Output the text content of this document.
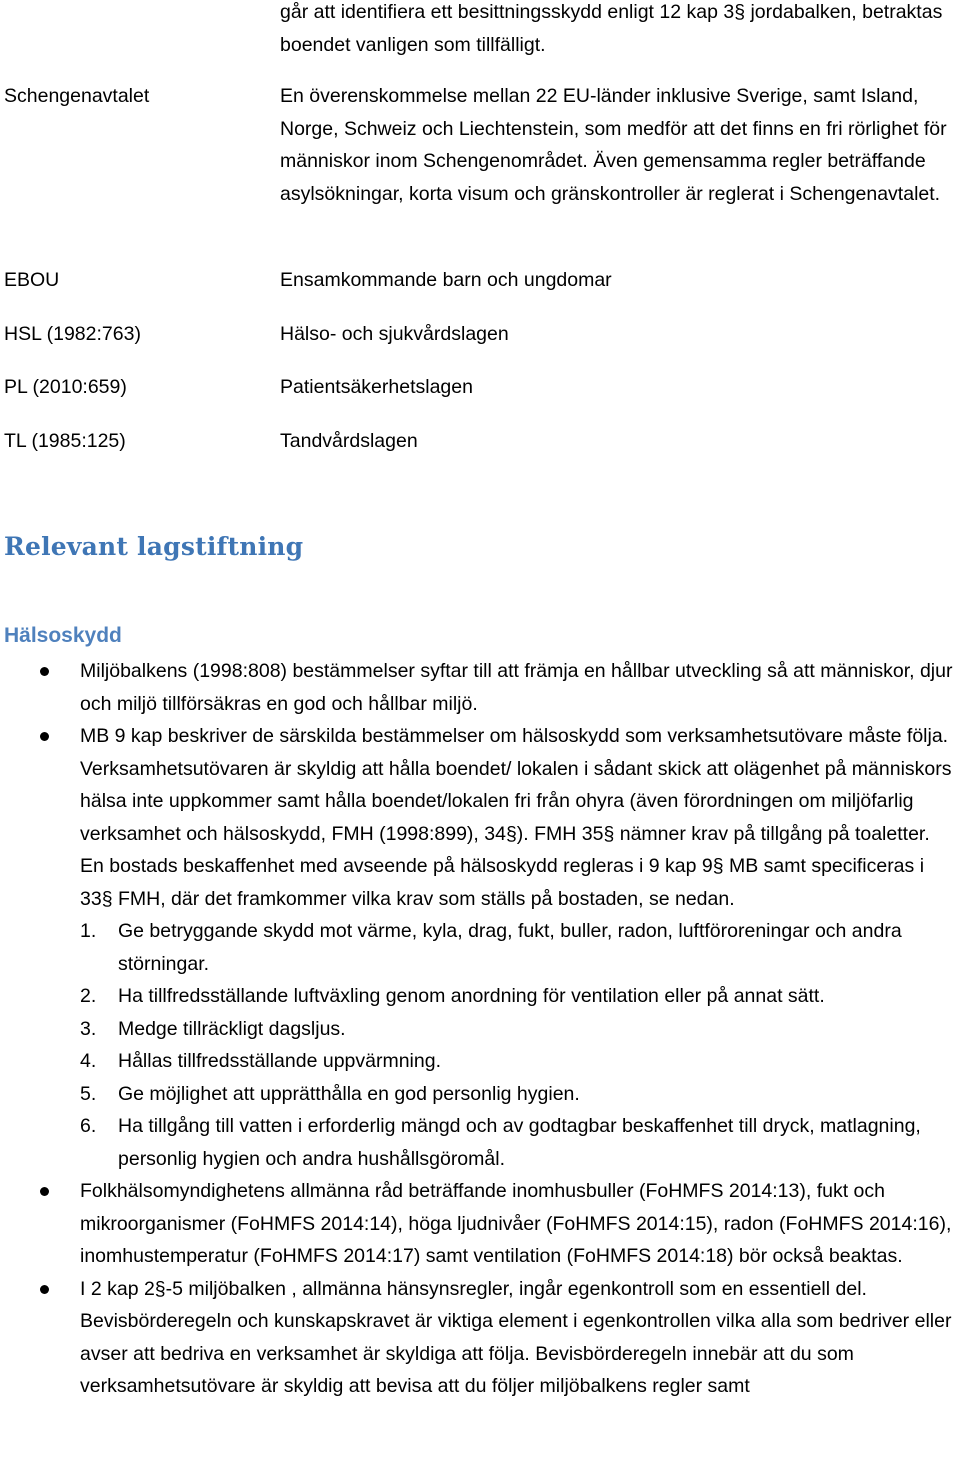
går att identifiera ett besittningsskydd enligt 12 kap 3§ jordabalken, betraktas boendet vanligen som tillfälligt.
Schengenavtalet	En överenskommelse mellan 22 EU-länder inklusive Sverige, samt Island, Norge, Schweiz och Liechtenstein, som medför att det finns en fri rörlighet för människor inom Schengenområdet. Även gemensamma regler beträffande asylsökningar, korta visum och gränskontroller är reglerat i Schengenavtalet.
EBOU	Ensamkommande barn och ungdomar
HSL (1982:763)	Hälso- och sjukvårdslagen
PL (2010:659)	Patientsäkerhetslagen
TL (1985:125)	Tandvårdslagen
Relevant lagstiftning
Hälsoskydd
Miljöbalkens (1998:808) bestämmelser syftar till att främja en hållbar utveckling så att människor, djur och miljö tillförsäkras en god och hållbar miljö.
MB 9 kap beskriver de särskilda bestämmelser om hälsoskydd som verksamhetsutövare måste följa. Verksamhetsutövaren är skyldig att hålla boendet/ lokalen i sådant skick att olägenhet på människors hälsa inte uppkommer samt hålla boendet/lokalen fri från ohyra (även förordningen om miljöfarlig verksamhet och hälsoskydd, FMH (1998:899), 34§). FMH 35§ nämner krav på tillgång på toaletter. En bostads beskaffenhet med avseende på hälsoskydd regleras i 9 kap 9§ MB samt specificeras i 33§ FMH, där det framkommer vilka krav som ställs på bostaden, se nedan.
1. Ge betryggande skydd mot värme, kyla, drag, fukt, buller, radon, luftföroreningar och andra störningar.
2. Ha tillfredsställande luftväxling genom anordning för ventilation eller på annat sätt.
3. Medge tillräckligt dagsljus.
4. Hållas tillfredsställande uppvärmning.
5. Ge möjlighet att upprätthålla en god personlig hygien.
6. Ha tillgång till vatten i erforderlig mängd och av godtagbar beskaffenhet till dryck, matlagning, personlig hygien och andra hushållsgöromål.
Folkhälsomyndighetens allmänna råd beträffande inomhusbuller (FoHMFS 2014:13), fukt och mikroorganismer (FoHMFS 2014:14), höga ljudnivåer (FoHMFS 2014:15), radon (FoHMFS 2014:16), inomhustemperatur (FoHMFS 2014:17) samt ventilation (FoHMFS 2014:18) bör också beaktas.
I 2 kap 2§-5 miljöbalken , allmänna hänsynsregler, ingår egenkontroll som en essentiell del. Bevisbörderegeln och kunskapskravet är viktiga element i egenkontrollen vilka alla som bedriver eller avser att bedriva en verksamhet är skyldiga att följa. Bevisbörderegeln innebär att du som verksamhetsutövare är skyldig att bevisa att du följer miljöbalkens regler samt
